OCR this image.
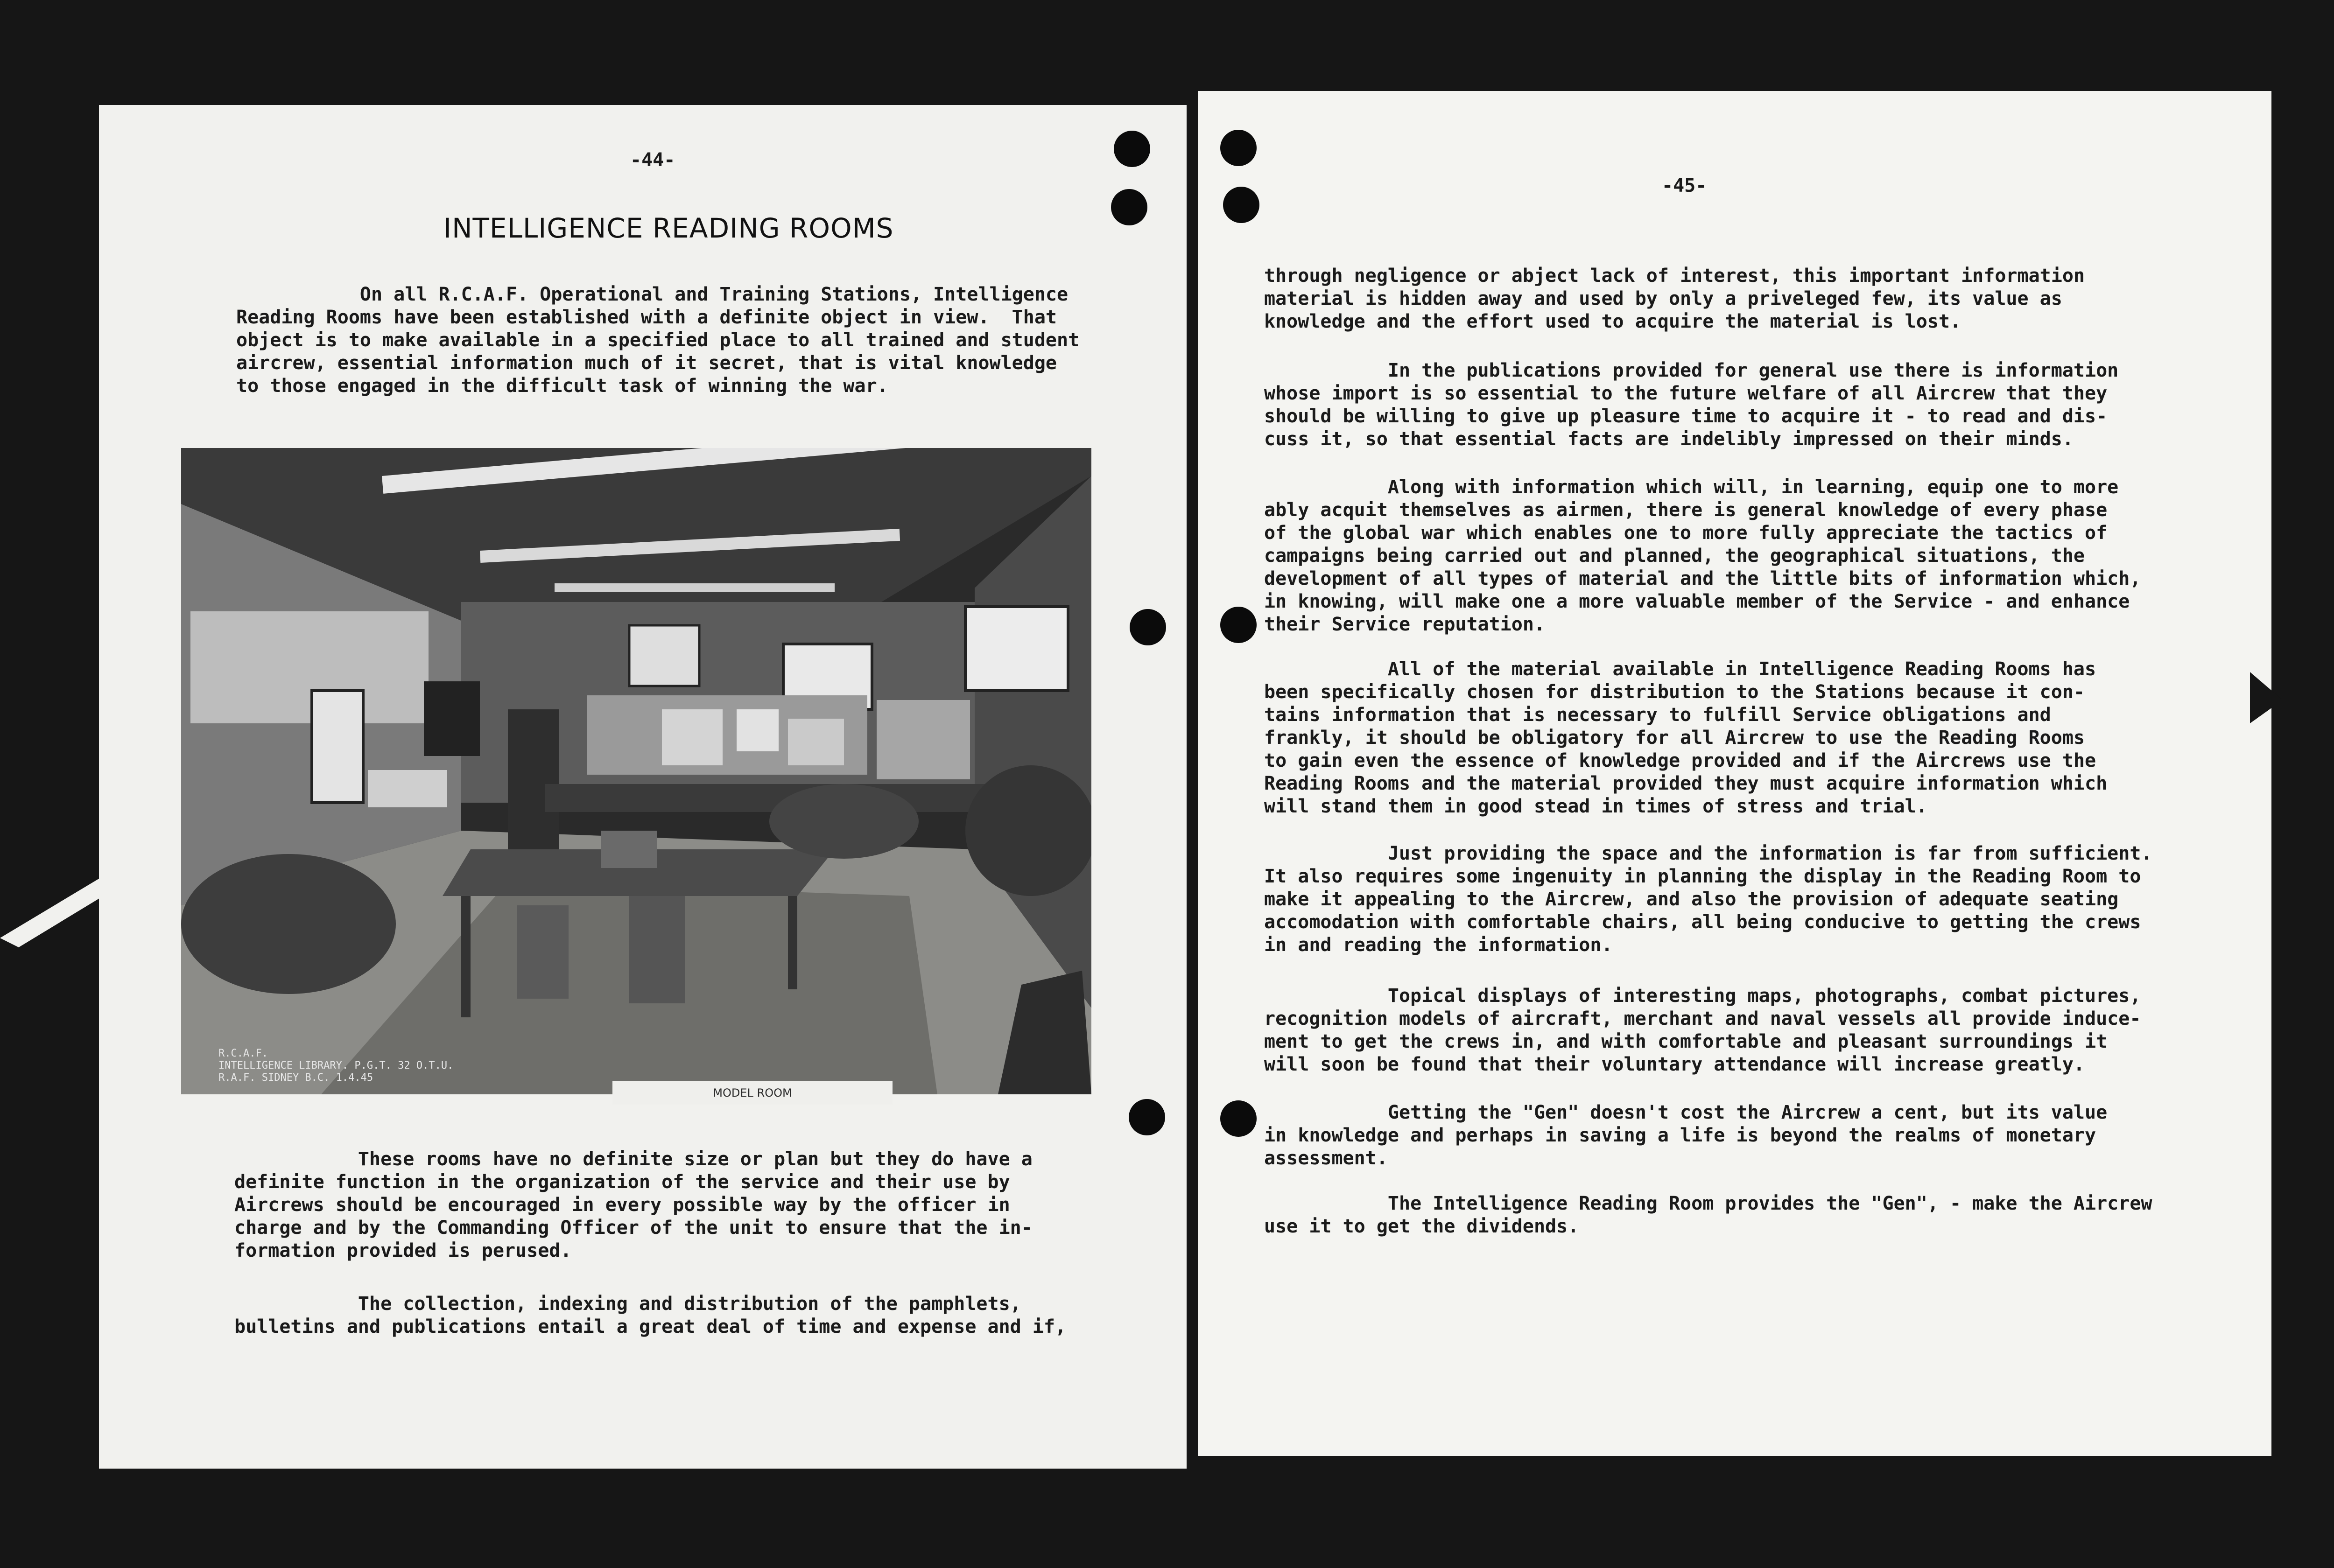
-44-
INTELLIGENCE READING ROOMS
On all R.C.A.F. Operational and Training Stations, Intelligence
Reading Rooms have been established with a definite object in view.  That
object is to make available in a specified place to all trained and student
aircrew, essential information much of it secret, that is vital knowledge
to those engaged in the difficult task of winning the war.
R.C.A.F.
INTELLIGENCE LIBRARY. P.G.T. 32 O.T.U.
R.A.F. SIDNEY B.C. 1.4.45
MODEL ROOM
These rooms have no definite size or plan but they do have a
definite function in the organization of the service and their use by
Aircrews should be encouraged in every possible way by the officer in
charge and by the Commanding Officer of the unit to ensure that the in-
formation provided is perused.
The collection, indexing and distribution of the pamphlets,
bulletins and publications entail a great deal of time and expense and if,
-45-
through negligence or abject lack of interest, this important information
material is hidden away and used by only a priveleged few, its value as
knowledge and the effort used to acquire the material is lost.
In the publications provided for general use there is information
whose import is so essential to the future welfare of all Aircrew that they
should be willing to give up pleasure time to acquire it - to read and dis-
cuss it, so that essential facts are indelibly impressed on their minds.
Along with information which will, in learning, equip one to more
ably acquit themselves as airmen, there is general knowledge of every phase
of the global war which enables one to more fully appreciate the tactics of
campaigns being carried out and planned, the geographical situations, the
development of all types of material and the little bits of information which,
in knowing, will make one a more valuable member of the Service - and enhance
their Service reputation.
All of the material available in Intelligence Reading Rooms has
been specifically chosen for distribution to the Stations because it con-
tains information that is necessary to fulfill Service obligations and
frankly, it should be obligatory for all Aircrew to use the Reading Rooms
to gain even the essence of knowledge provided and if the Aircrews use the
Reading Rooms and the material provided they must acquire information which
will stand them in good stead in times of stress and trial.
Just providing the space and the information is far from sufficient.
It also requires some ingenuity in planning the display in the Reading Room to
make it appealing to the Aircrew, and also the provision of adequate seating
accomodation with comfortable chairs, all being conducive to getting the crews
in and reading the information.
Topical displays of interesting maps, photographs, combat pictures,
recognition models of aircraft, merchant and naval vessels all provide induce-
ment to get the crews in, and with comfortable and pleasant surroundings it
will soon be found that their voluntary attendance will increase greatly.
Getting the "Gen" doesn't cost the Aircrew a cent, but its value
in knowledge and perhaps in saving a life is beyond the realms of monetary
assessment.
The Intelligence Reading Room provides the "Gen", - make the Aircrew
use it to get the dividends.
